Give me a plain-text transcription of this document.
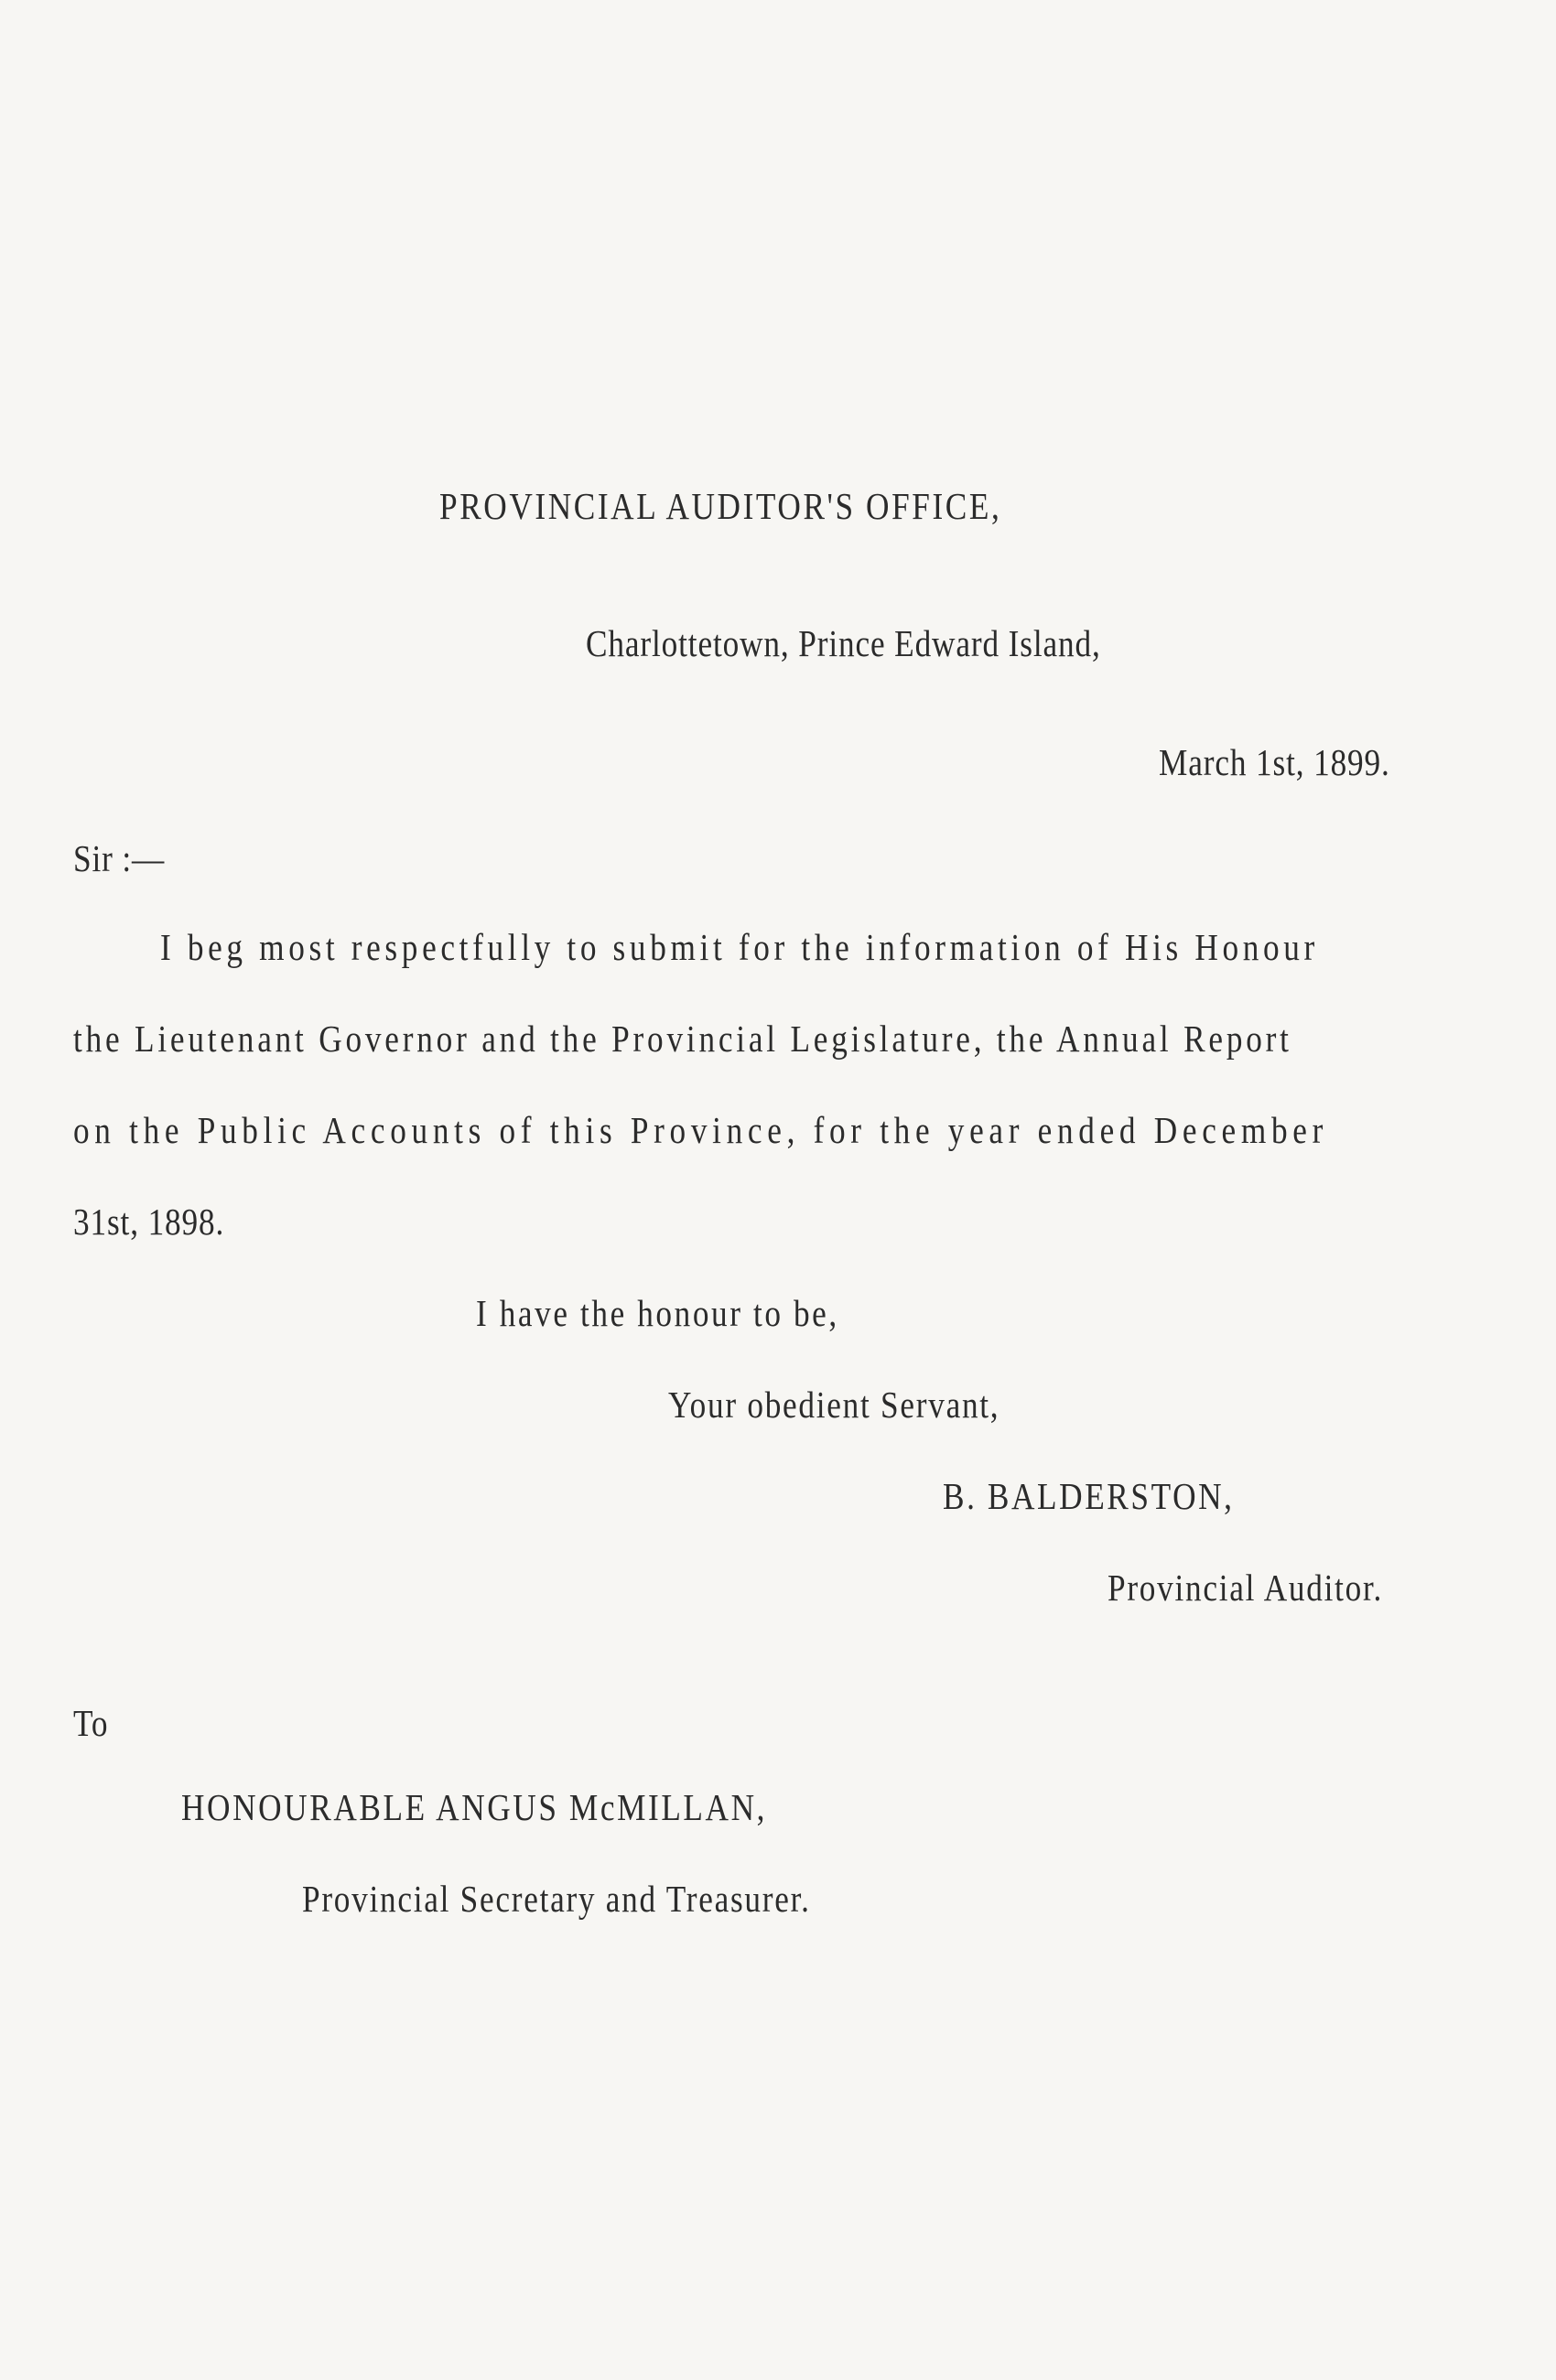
PROVINCIAL AUDITOR'S OFFICE,
Charlottetown, Prince Edward Island,
March 1st, 1899.
Sir :—
I beg most respectfully to submit for the information of His Honour
the Lieutenant Governor and the Provincial Legislature, the Annual Report
on the Public Accounts of this Province, for the year ended December
31st, 1898.
I have the honour to be,
Your obedient Servant,
B. BALDERSTON,
Provincial Auditor.
To
HONOURABLE ANGUS McMILLAN,
Provincial Secretary and Treasurer.
